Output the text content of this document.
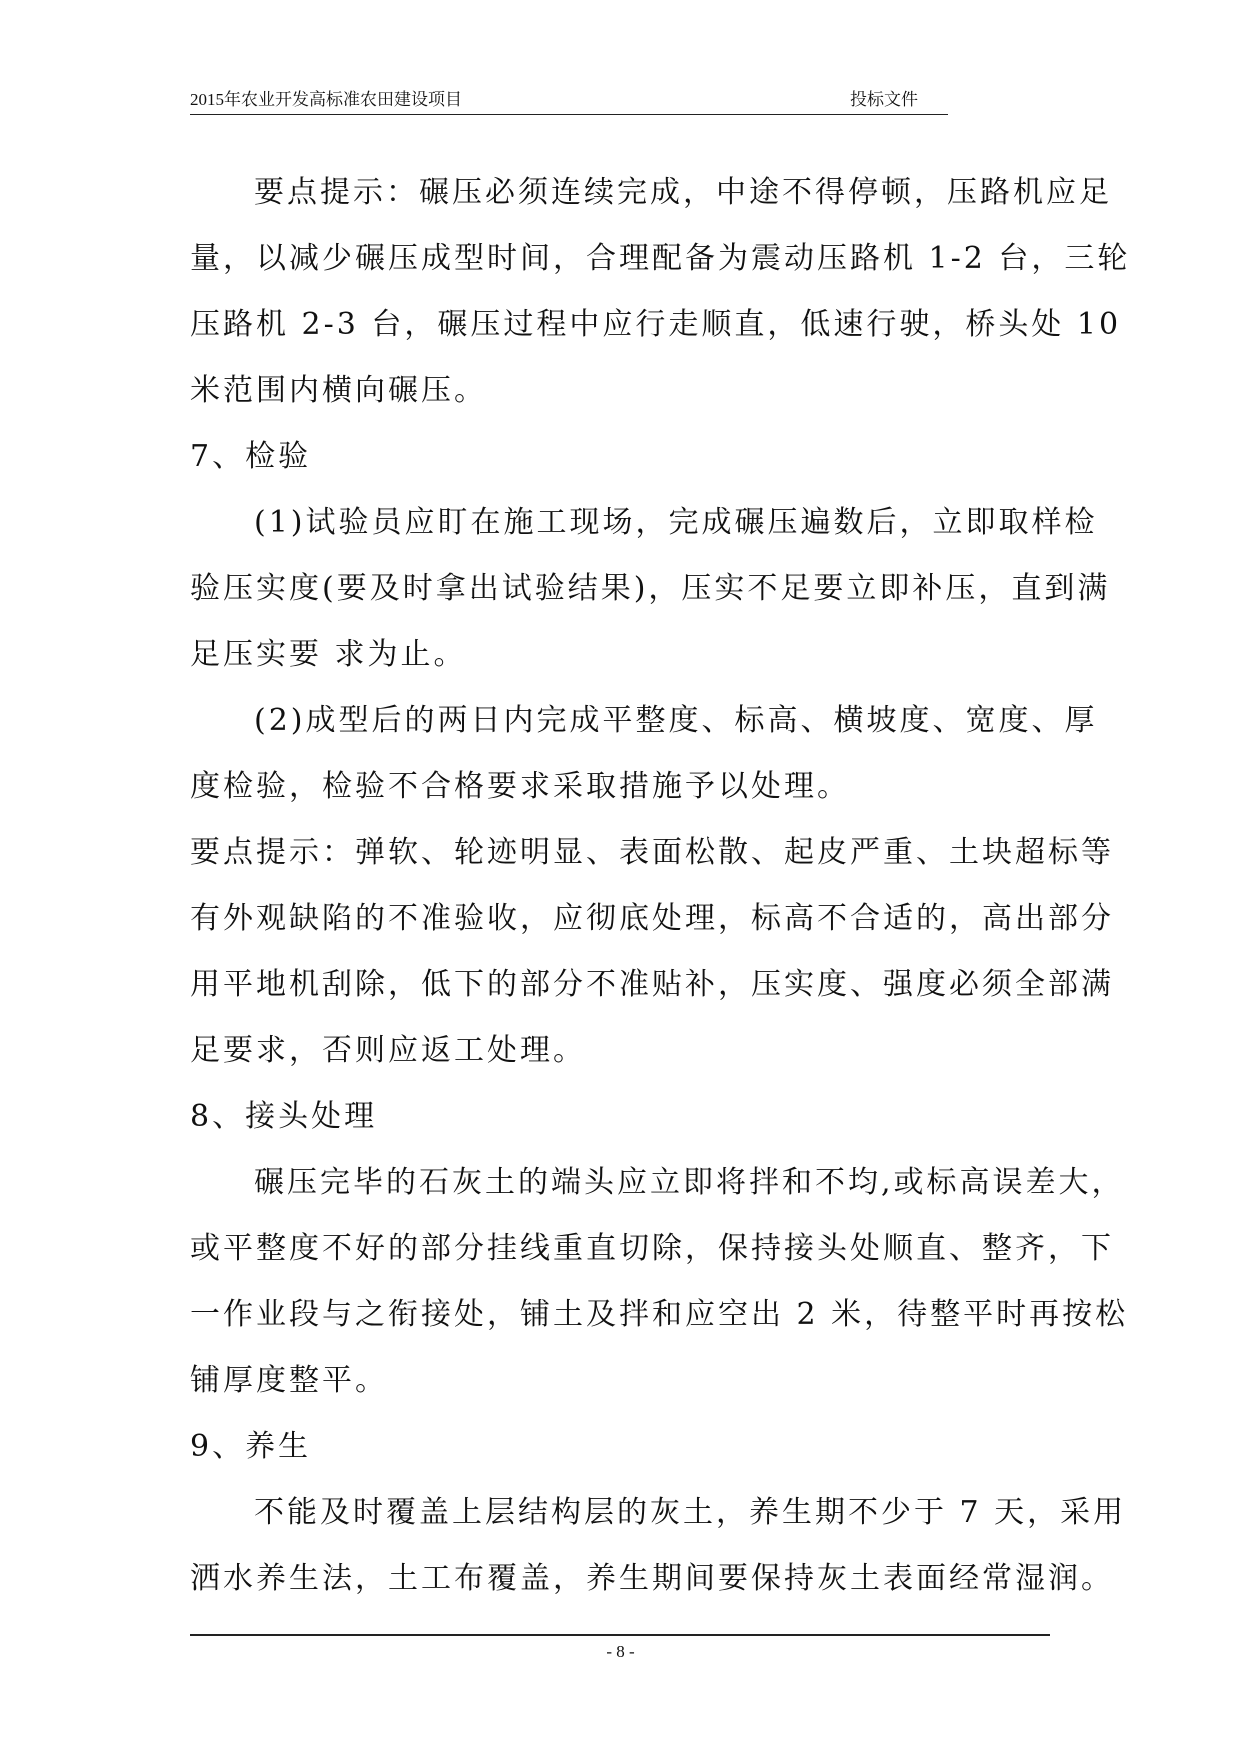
2015年农业开发高标准农田建设项目	投标文件

要点提示：碾压必须连续完成，中途不得停顿，压路机应足
量，以减少碾压成型时间，合理配备为震动压路机 1-2 台，三轮
压路机 2-3 台，碾压过程中应行走顺直，低速行驶，桥头处 10
米范围内横向碾压。

7、检验

(1)试验员应盯在施工现场，完成碾压遍数后，立即取样检
验压实度(要及时拿出试验结果)，压实不足要立即补压，直到满
足压实要 求为止。

(2)成型后的两日内完成平整度、标高、横坡度、宽度、厚
度检验，检验不合格要求采取措施予以处理。

要点提示：弹软、轮迹明显、表面松散、起皮严重、土块超标等
有外观缺陷的不准验收，应彻底处理，标高不合适的，高出部分
用平地机刮除，低下的部分不准贴补，压实度、强度必须全部满
足要求，否则应返工处理。

8、接头处理

碾压完毕的石灰土的端头应立即将拌和不均,或标高误差大，
或平整度不好的部分挂线重直切除，保持接头处顺直、整齐，下
一作业段与之衔接处，铺土及拌和应空出 2 米，待整平时再按松
铺厚度整平。

9、养生

不能及时覆盖上层结构层的灰土，养生期不少于 7 天，采用
洒水养生法，土工布覆盖，养生期间要保持灰土表面经常湿润。

- 8 -
